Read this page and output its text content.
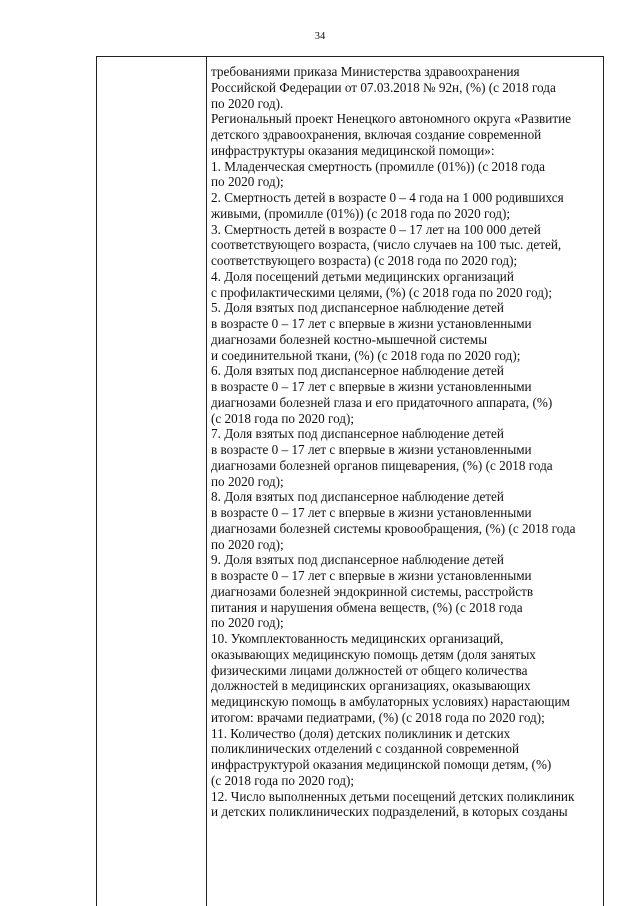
34
требованиями приказа Министерства здравоохранения
Российской Федерации от 07.03.2018 № 92н, (%) (с 2018 года
по 2020 год).
Региональный проект Ненецкого автономного округа «Развитие
детского здравоохранения, включая создание современной
инфраструктуры оказания медицинской помощи»:
1. Младенческая смертность (промилле (01%)) (с 2018 года
по 2020 год);
2. Смертность детей в возрасте 0 – 4 года на 1 000 родившихся
живыми, (промилле (01%)) (с 2018 года по 2020 год);
3. Смертность детей в возрасте 0 – 17 лет на 100 000 детей
соответствующего возраста, (число случаев на 100 тыс. детей,
соответствующего возраста) (с 2018 года по 2020 год);
4. Доля посещений детьми медицинских организаций
с профилактическими целями, (%) (с 2018 года по 2020 год);
5. Доля взятых под диспансерное наблюдение детей
в возрасте 0 – 17 лет с впервые в жизни установленными
диагнозами болезней костно-мышечной системы
и соединительной ткани, (%) (с 2018 года по 2020 год);
6. Доля взятых под диспансерное наблюдение детей
в возрасте 0 – 17 лет с впервые в жизни установленными
диагнозами болезней глаза и его придаточного аппарата, (%)
(с 2018 года по 2020 год);
7. Доля взятых под диспансерное наблюдение детей
в возрасте 0 – 17 лет с впервые в жизни установленными
диагнозами болезней органов пищеварения, (%) (с 2018 года
по 2020 год);
8. Доля взятых под диспансерное наблюдение детей
в возрасте 0 – 17 лет с впервые в жизни установленными
диагнозами болезней системы кровообращения, (%) (с 2018 года
по 2020 год);
9. Доля взятых под диспансерное наблюдение детей
в возрасте 0 – 17 лет с впервые в жизни установленными
диагнозами болезней эндокринной системы, расстройств
питания и нарушения обмена веществ, (%) (с 2018 года
по 2020 год);
10. Укомплектованность медицинских организаций,
оказывающих медицинскую помощь детям (доля занятых
физическими лицами должностей от общего количества
должностей в медицинских организациях, оказывающих
медицинскую помощь в амбулаторных условиях) нарастающим
итогом: врачами педиатрами, (%) (с 2018 года по 2020 год);
11. Количество (доля) детских поликлиник и детских
поликлинических отделений с созданной современной
инфраструктурой оказания медицинской помощи детям, (%)
(с 2018 года по 2020 год);
12. Число выполненных детьми посещений детских поликлиник
и детских поликлинических подразделений, в которых созданы
